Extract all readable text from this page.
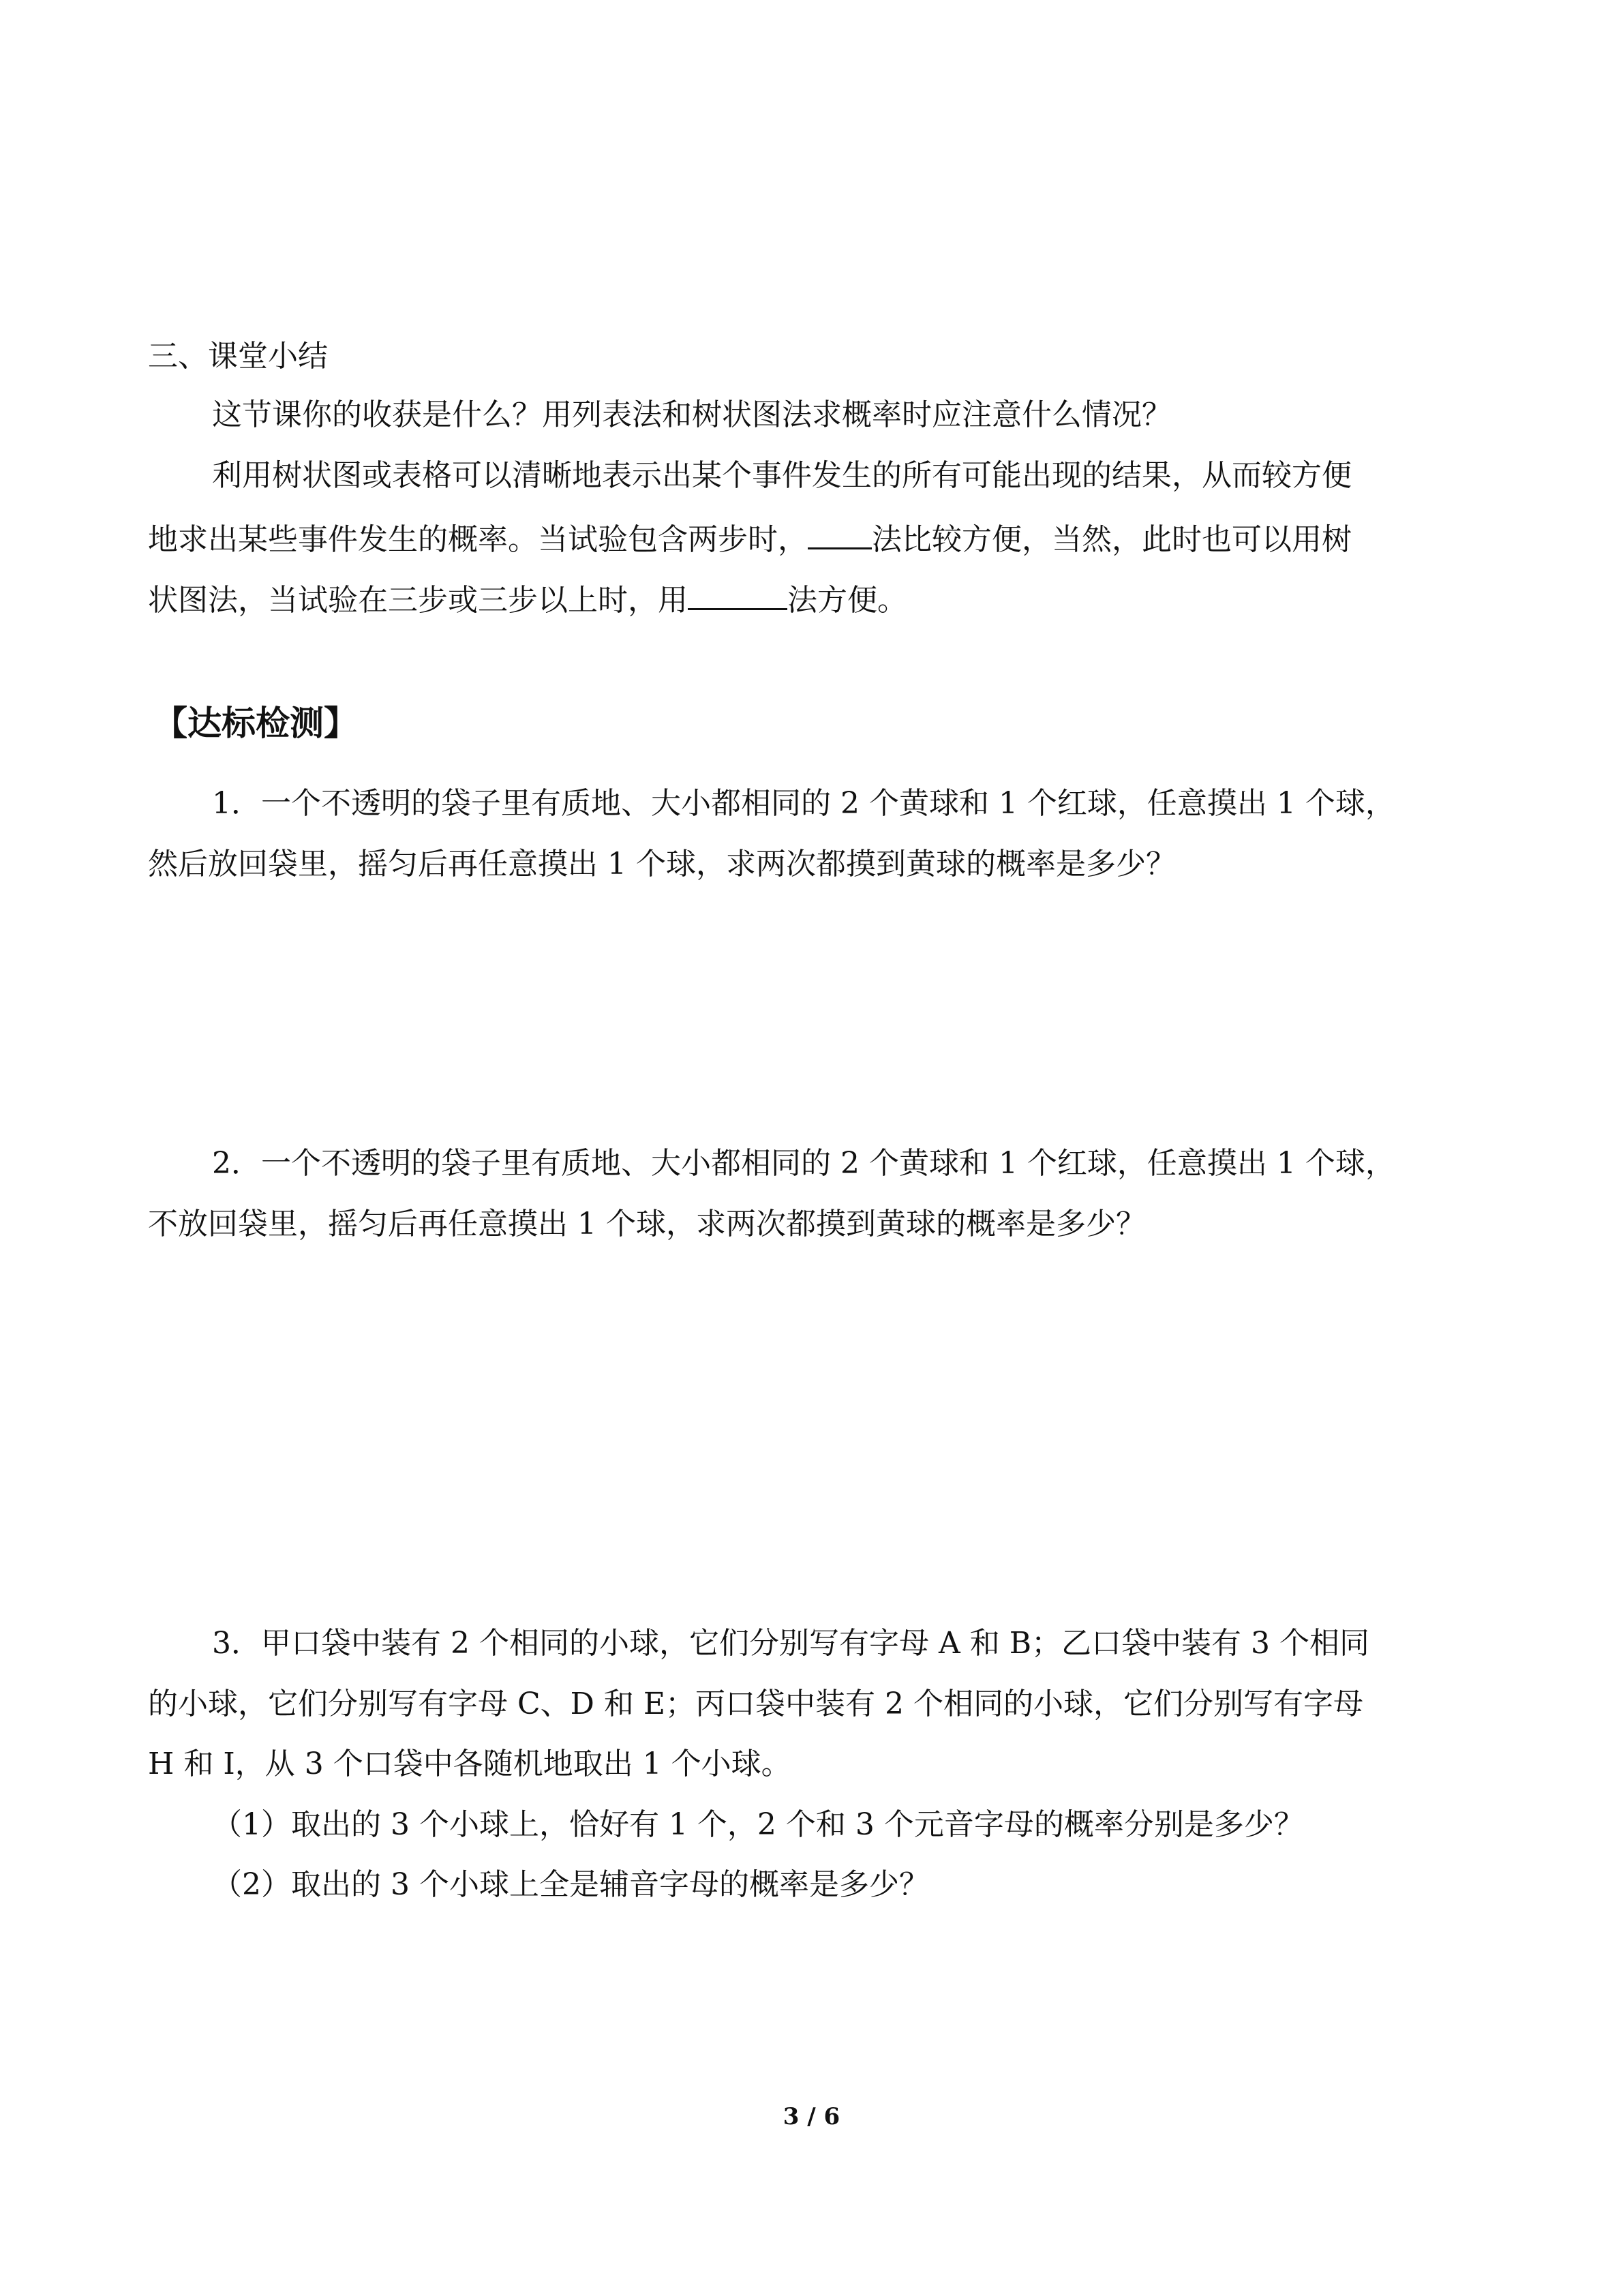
三、课堂小结
这节课你的收获是什么？用列表法和树状图法求概率时应注意什么情况？
利用树状图或表格可以清晰地表示出某个事件发生的所有可能出现的结果，从而较方便
地求出某些事件发生的概率。当试验包含两步时， 法比较方便，当然，此时也可以用树
状图法，当试验在三步或三步以上时，用	法方便。
【达标检测】
1．一个不透明的袋子里有质地、大小都相同的 2 个黄球和 1 个红球，任意摸出 1 个球，
然后放回袋里，摇匀后再任意摸出 1 个球，求两次都摸到黄球的概率是多少？
2．一个不透明的袋子里有质地、大小都相同的 2 个黄球和 1 个红球，任意摸出 1 个球，
不放回袋里，摇匀后再任意摸出 1 个球，求两次都摸到黄球的概率是多少？
3．甲口袋中装有 2 个相同的小球，它们分别写有字母 A 和 B；乙口袋中装有 3 个相同
的小球，它们分别写有字母 C、D 和 E；丙口袋中装有 2 个相同的小球，它们分别写有字母
H 和 I，从 3 个口袋中各随机地取出 1 个小球。
（1）取出的 3 个小球上，恰好有 1 个，2 个和 3 个元音字母的概率分别是多少？
（2）取出的 3 个小球上全是辅音字母的概率是多少？
3 / 6
